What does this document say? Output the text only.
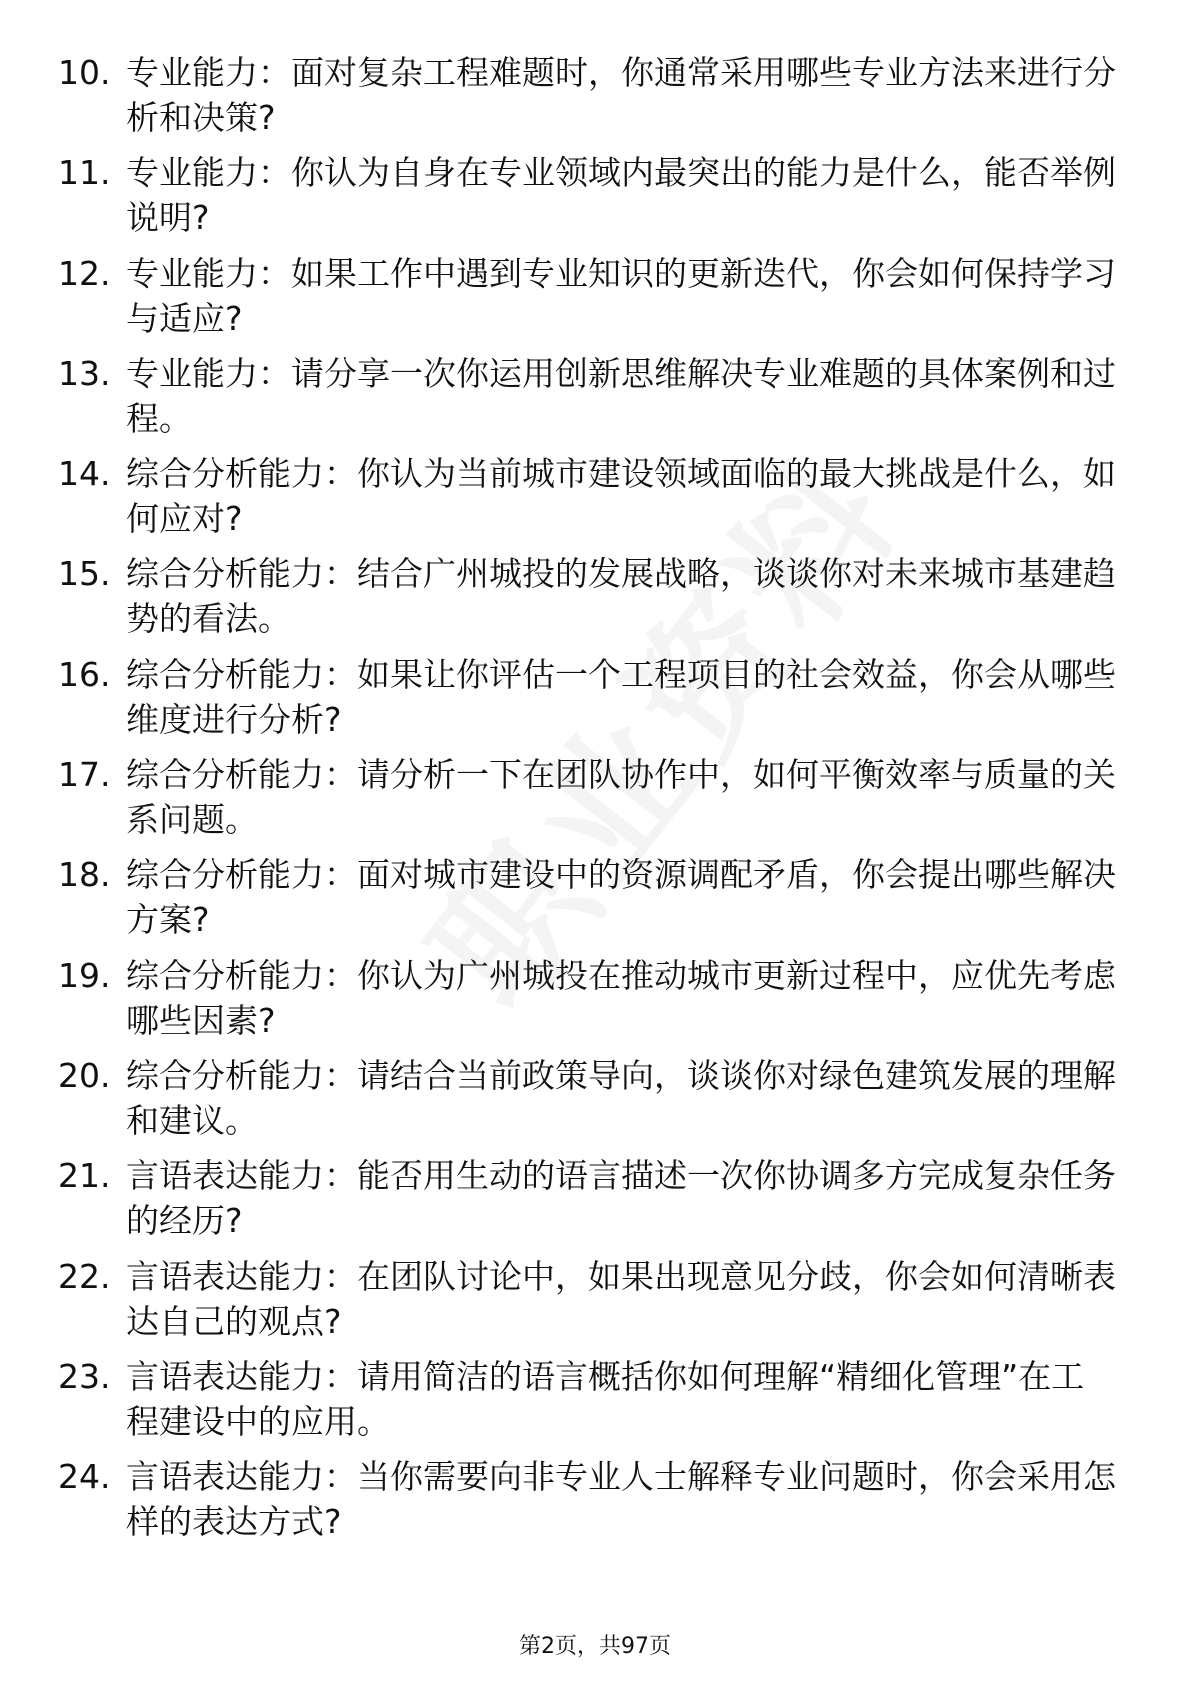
10. 专业能力：面对复杂工程难题时，你通常采用哪些专业方法来进行分析和决策?
11. 专业能力：你认为自身在专业领域内最突出的能力是什么，能否举例说明?
12. 专业能力：如果工作中遇到专业知识的更新迭代，你会如何保持学习与适应?
13. 专业能力：请分享一次你运用创新思维解决专业难题的具体案例和过程。
14. 综合分析能力：你认为当前城市建设领域面临的最大挑战是什么，如何应对?
15. 综合分析能力：结合广州城投的发展战略，谈谈你对未来城市基建趋势的看法。
16. 综合分析能力：如果让你评估一个工程项目的社会效益，你会从哪些维度进行分析?
17. 综合分析能力：请分析一下在团队协作中，如何平衡效率与质量的关系问题。
18. 综合分析能力：面对城市建设中的资源调配矛盾，你会提出哪些解决方案?
19. 综合分析能力：你认为广州城投在推动城市更新过程中，应优先考虑哪些因素?
20. 综合分析能力：请结合当前政策导向，谈谈你对绿色建筑发展的理解和建议。
21. 言语表达能力：能否用生动的语言描述一次你协调多方完成复杂任务的经历?
22. 言语表达能力：在团队讨论中，如果出现意见分歧，你会如何清晰表达自己的观点?
23. 言语表达能力：请用简洁的语言概括你如何理解“精细化管理”在工程建设中的应用。
24. 言语表达能力：当你需要向非专业人士解释专业问题时，你会采用怎样的表达方式?
第2页，共97页
